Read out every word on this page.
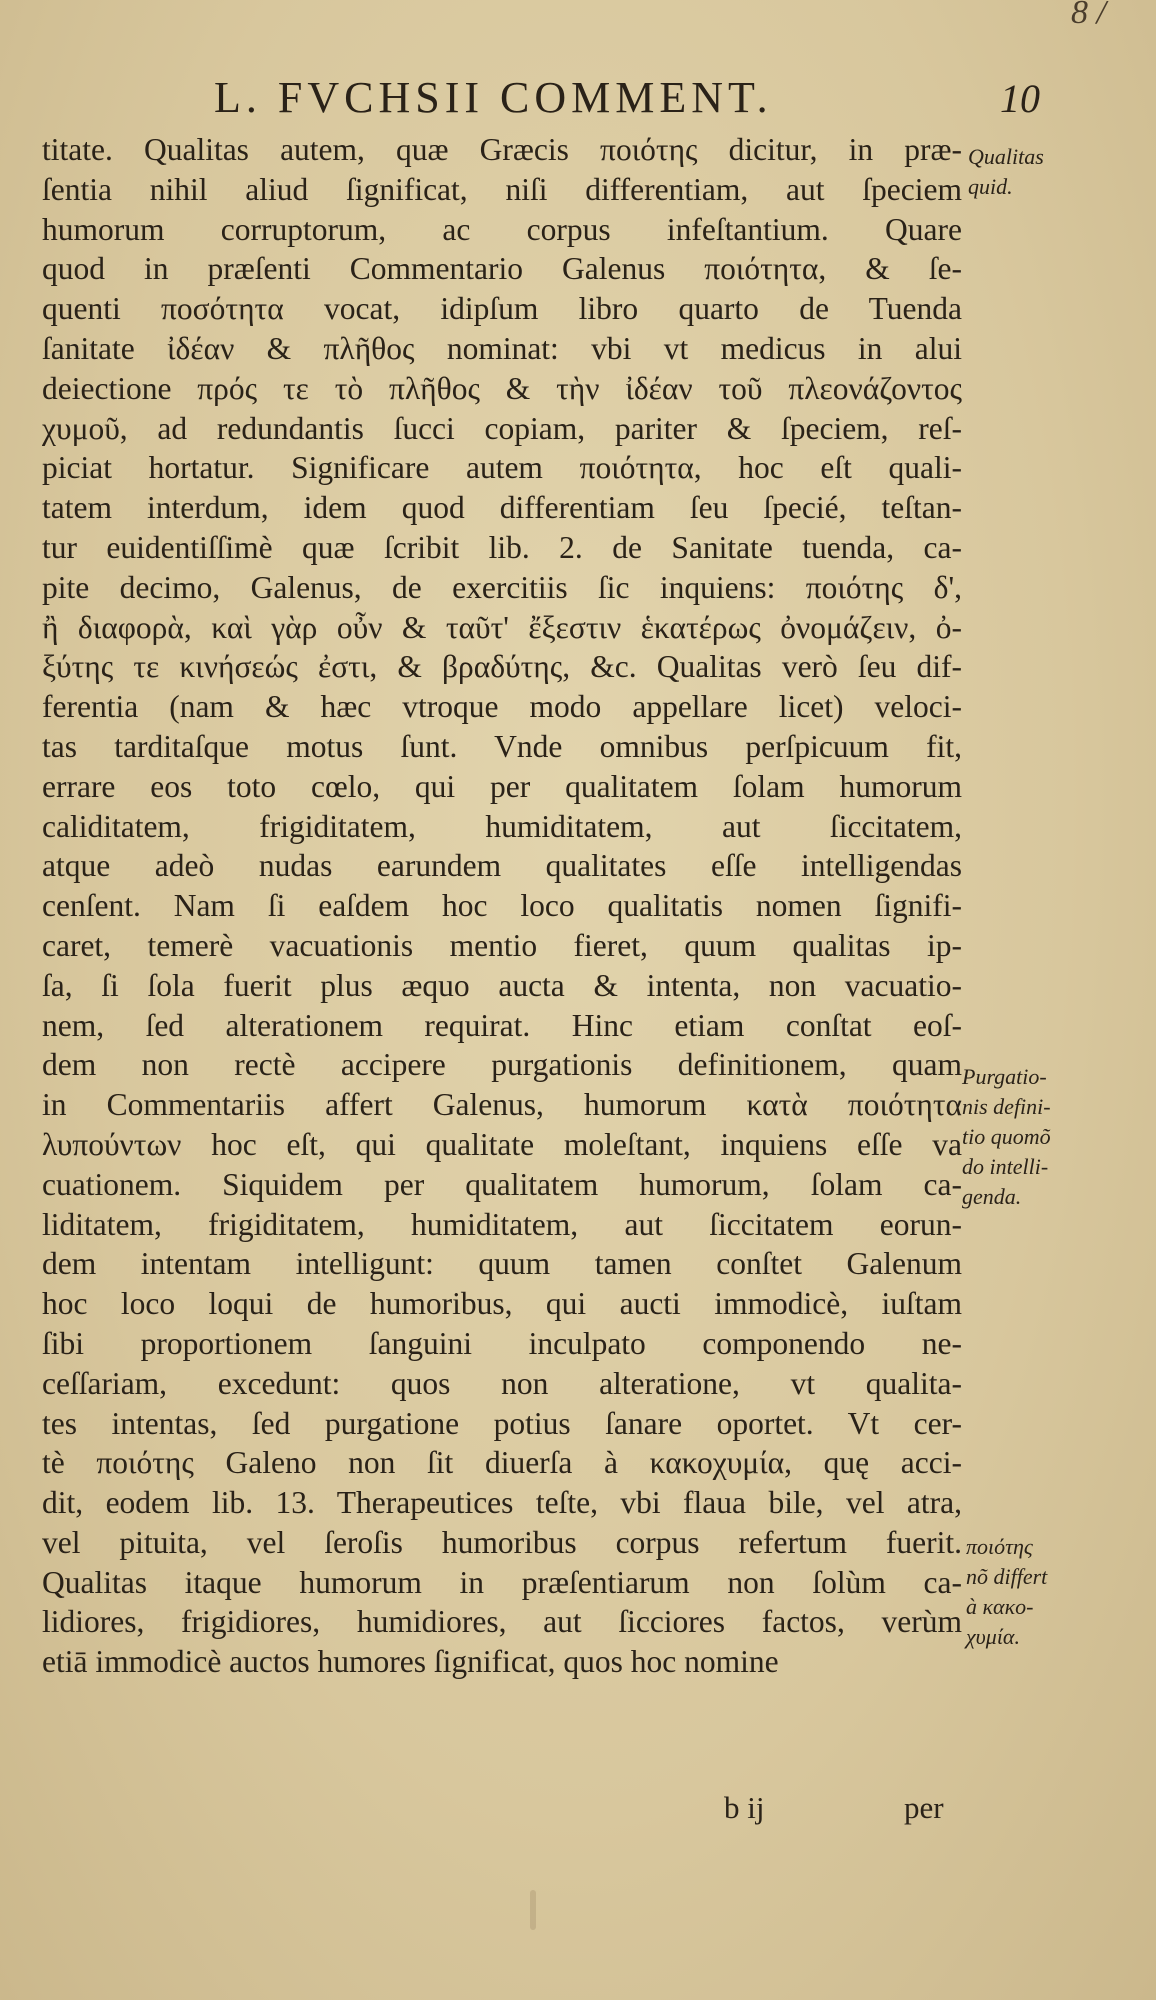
8 /
L. FVCHSII COMMENT.	10
titate. Qualitas autem, quæ Græcis ποιότης dicitur, in præ-
ſentia nihil aliud ſignificat, niſi differentiam, aut ſpeciem
humorum corruptorum, ac corpus infeſtantium. Quare
quod in præſenti Commentario Galenus ποιότητα, & ſe-
quenti ποσότητα vocat, idipſum libro quarto de Tuenda
ſanitate ἰδέαν & πλῆθος nominat: vbi vt medicus in alui
deiectione πρός τε τὸ πλῆθος & τὴν ἰδέαν τοῦ πλεονάζοντος
χυμοῦ, ad redundantis ſucci copiam, pariter & ſpeciem, reſ-
piciat hortatur. Significare autem ποιότητα, hoc eſt quali-
tatem interdum, idem quod differentiam ſeu ſpecié, teſtan-
tur euidentiſſimè quæ ſcribit lib. 2. de Sanitate tuenda, ca-
pite decimo, Galenus, de exercitiis ſic inquiens: ποιότης δ',
ἢ διαφορὰ, καὶ γὰρ οὖν & ταῦτ' ἔξεστιν ἑκατέρως ὀνομάζειν, ὀ-
ξύτης τε κινήσεώς ἐστι, & βραδύτης, &c. Qualitas verò ſeu dif-
ferentia (nam & hæc vtroque modo appellare licet) veloci-
tas tarditaſque motus ſunt. Vnde omnibus perſpicuum fit,
errare eos toto cœlo, qui per qualitatem ſolam humorum
caliditatem, frigiditatem, humiditatem, aut ſiccitatem,
atque adeò nudas earundem qualitates eſſe intelligendas
cenſent. Nam ſi eaſdem hoc loco qualitatis nomen ſignifi-
caret, temerè vacuationis mentio fieret, quum qualitas ip-
ſa, ſi ſola fuerit plus æquo aucta & intenta, non vacuatio-
nem, ſed alterationem requirat. Hinc etiam conſtat eoſ-
dem non rectè accipere purgationis definitionem, quam
in Commentariis affert Galenus, humorum κατὰ ποιότητα
λυπούντων hoc eſt, qui qualitate moleſtant, inquiens eſſe va
cuationem. Siquidem per qualitatem humorum, ſolam ca-
liditatem, frigiditatem, humiditatem, aut ſiccitatem eorun-
dem intentam intelligunt: quum tamen conſtet Galenum
hoc loco loqui de humoribus, qui aucti immodicè, iuſtam
ſibi proportionem ſanguini inculpato componendo ne-
ceſſariam, excedunt: quos non alteratione, vt qualita-
tes intentas, ſed purgatione potius ſanare oportet. Vt cer-
tè ποιότης Galeno non ſit diuerſa à κακοχυμία, quę acci-
dit, eodem lib. 13. Therapeutices teſte, vbi flaua bile, vel atra,
vel pituita, vel ſeroſis humoribus corpus refertum fuerit.
Qualitas itaque humorum in præſentiarum non ſolùm ca-
lidiores, frigidiores, humidiores, aut ſicciores factos, verùm
etiā immodicè auctos humores ſignificat, quos hoc nomine
Qualitas
quid.
Purgatio-
nis defini-
tio quomõ
do intelli-
genda.
ποιότης
nõ differt
à κακο-
χυμία.
b ij	per
